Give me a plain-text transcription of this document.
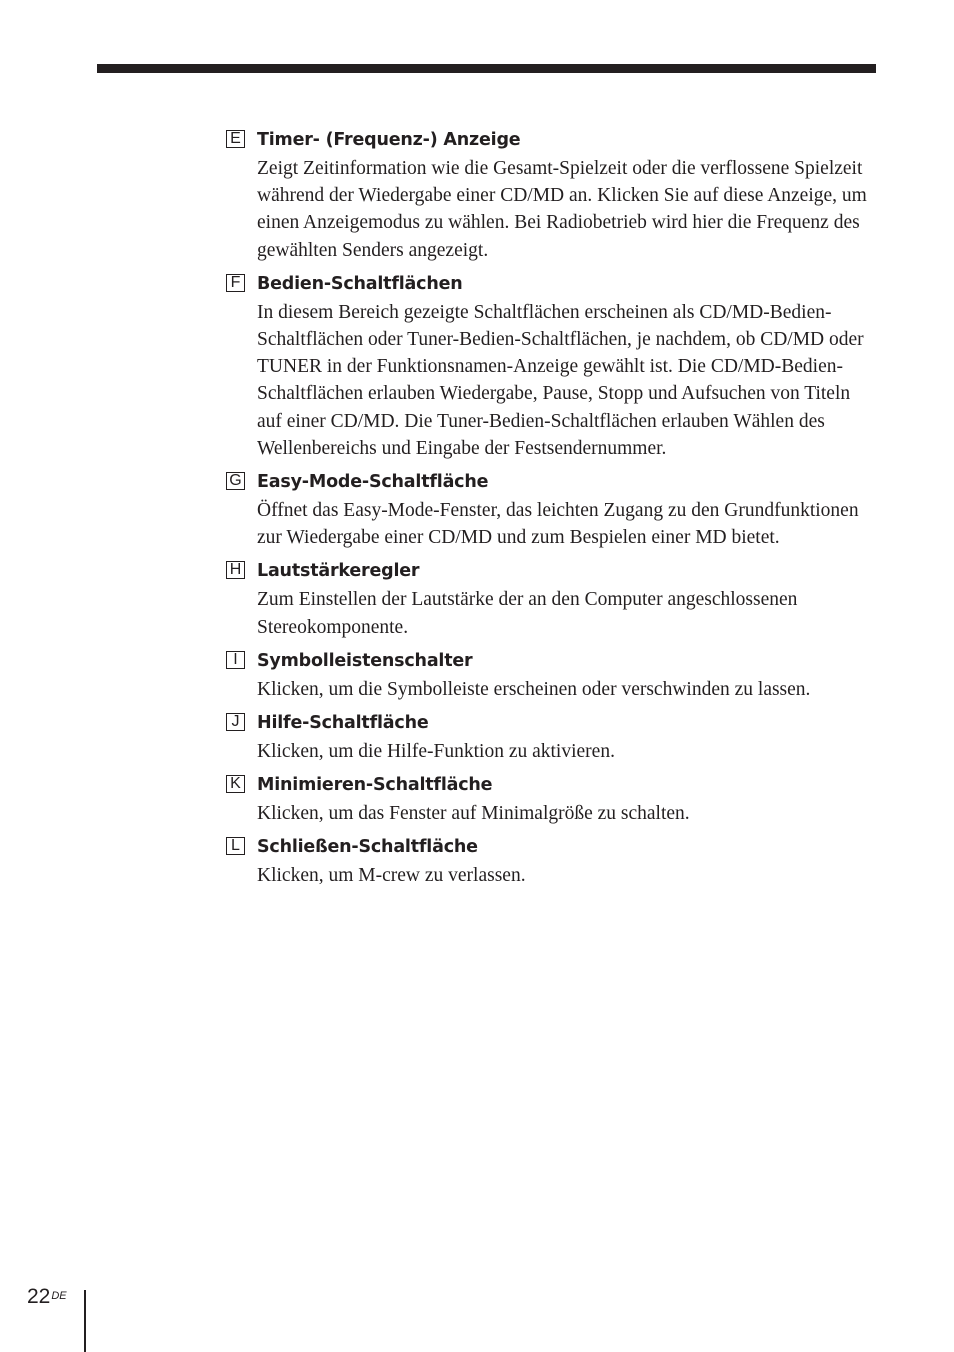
E Timer- (Frequenz-) Anzeige

Zeigt Zeitinformation wie die Gesamt-Spielzeit oder die verflossene Spielzeit während der Wiedergabe einer CD/MD an. Klicken Sie auf diese Anzeige, um einen Anzeigemodus zu wählen. Bei Radiobetrieb wird hier die Frequenz des gewählten Senders angezeigt.

F Bedien-Schaltflächen

In diesem Bereich gezeigte Schaltflächen erscheinen als CD/MD-Bedien-Schaltflächen oder Tuner-Bedien-Schaltflächen, je nachdem, ob CD/MD oder TUNER in der Funktionsnamen-Anzeige gewählt ist. Die CD/MD-Bedien-Schaltflächen erlauben Wiedergabe, Pause, Stopp und Aufsuchen von Titeln auf einer CD/MD. Die Tuner-Bedien-Schaltflächen erlauben Wählen des Wellenbereichs und Eingabe der Festsendernummer.

G Easy-Mode-Schaltfläche

Öffnet das Easy-Mode-Fenster, das leichten Zugang zu den Grundfunktionen zur Wiedergabe einer CD/MD und zum Bespielen einer MD bietet.

H Lautstärkeregler

Zum Einstellen der Lautstärke der an den Computer angeschlossenen Stereokomponente.

I	Symbolleistenschalter

Klicken, um die Symbolleiste erscheinen oder verschwinden zu lassen.

J	Hilfe-Schaltfläche

Klicken, um die Hilfe-Funktion zu aktivieren.

K Minimieren-Schaltfläche

Klicken, um das Fenster auf Minimalgröße zu schalten.

L Schließen-Schaltfläche

Klicken, um M-crew zu verlassen.

22DE
